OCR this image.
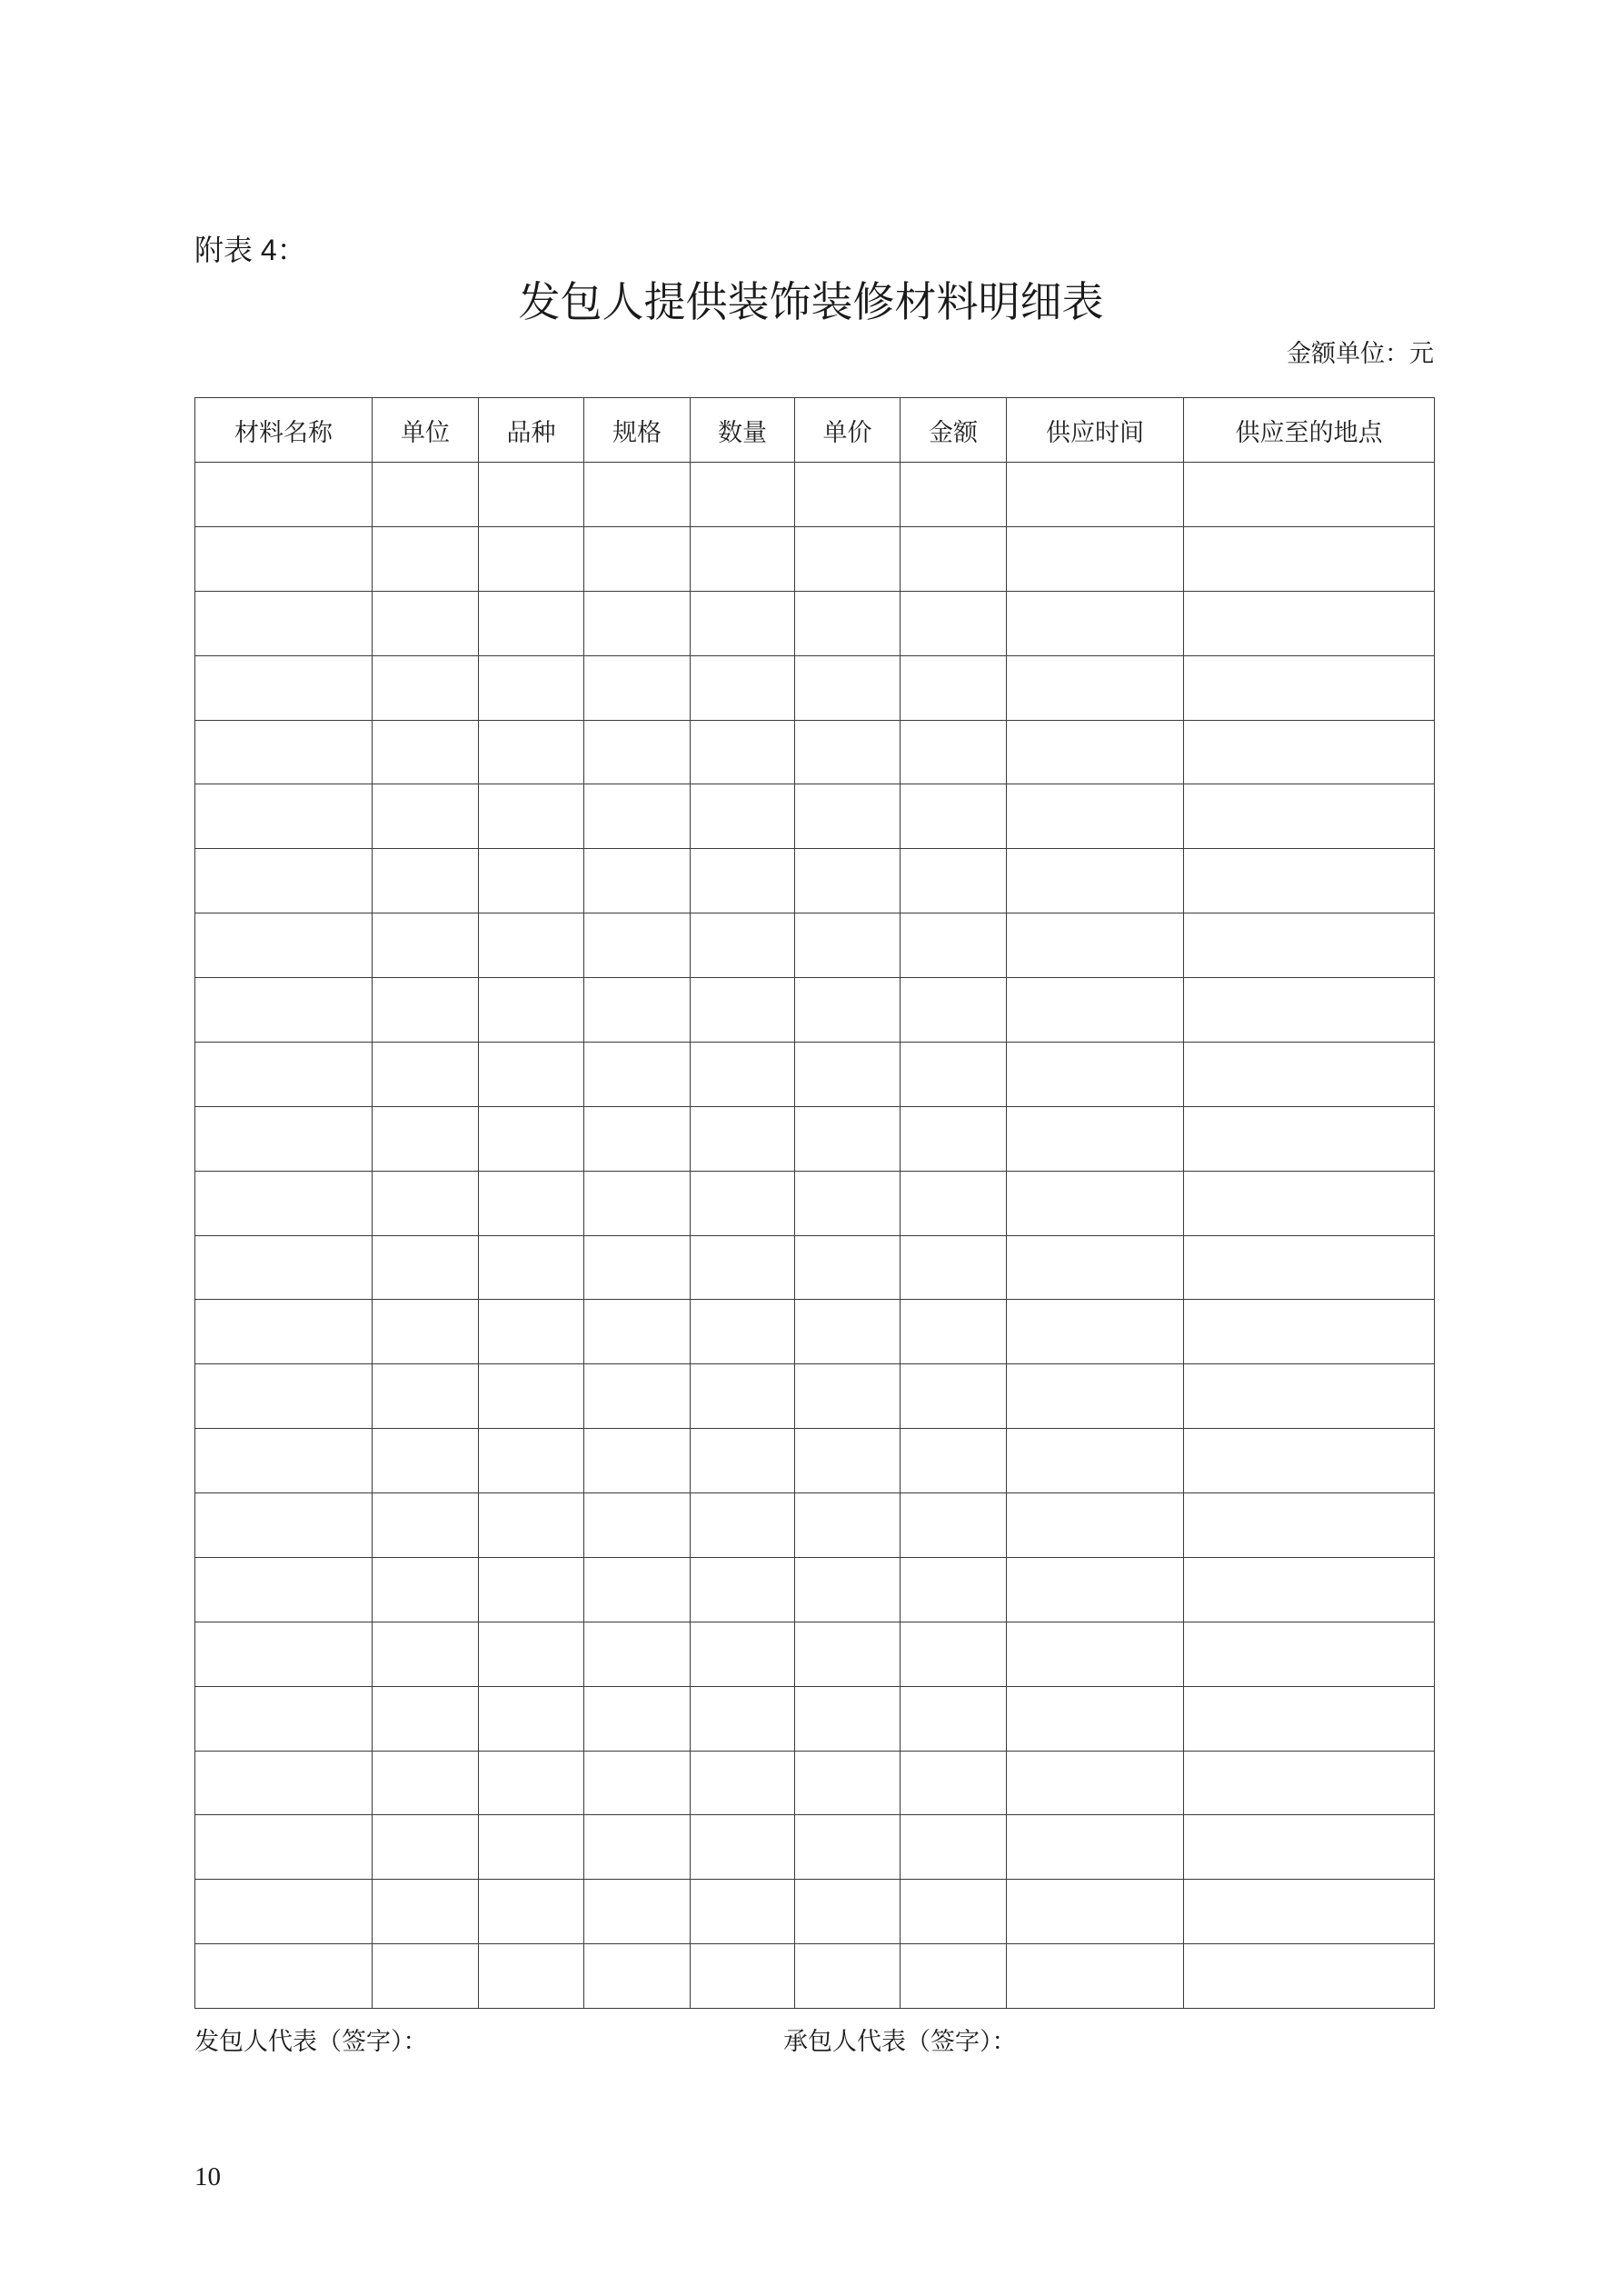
附表 4：
发包人提供装饰装修材料明细表
金额单位：元
材料名称	单位	品种	规格	数量	单价	金额	供应时间	供应至的地点

发包人代表（签字）：	承包人代表（签字）：
10
